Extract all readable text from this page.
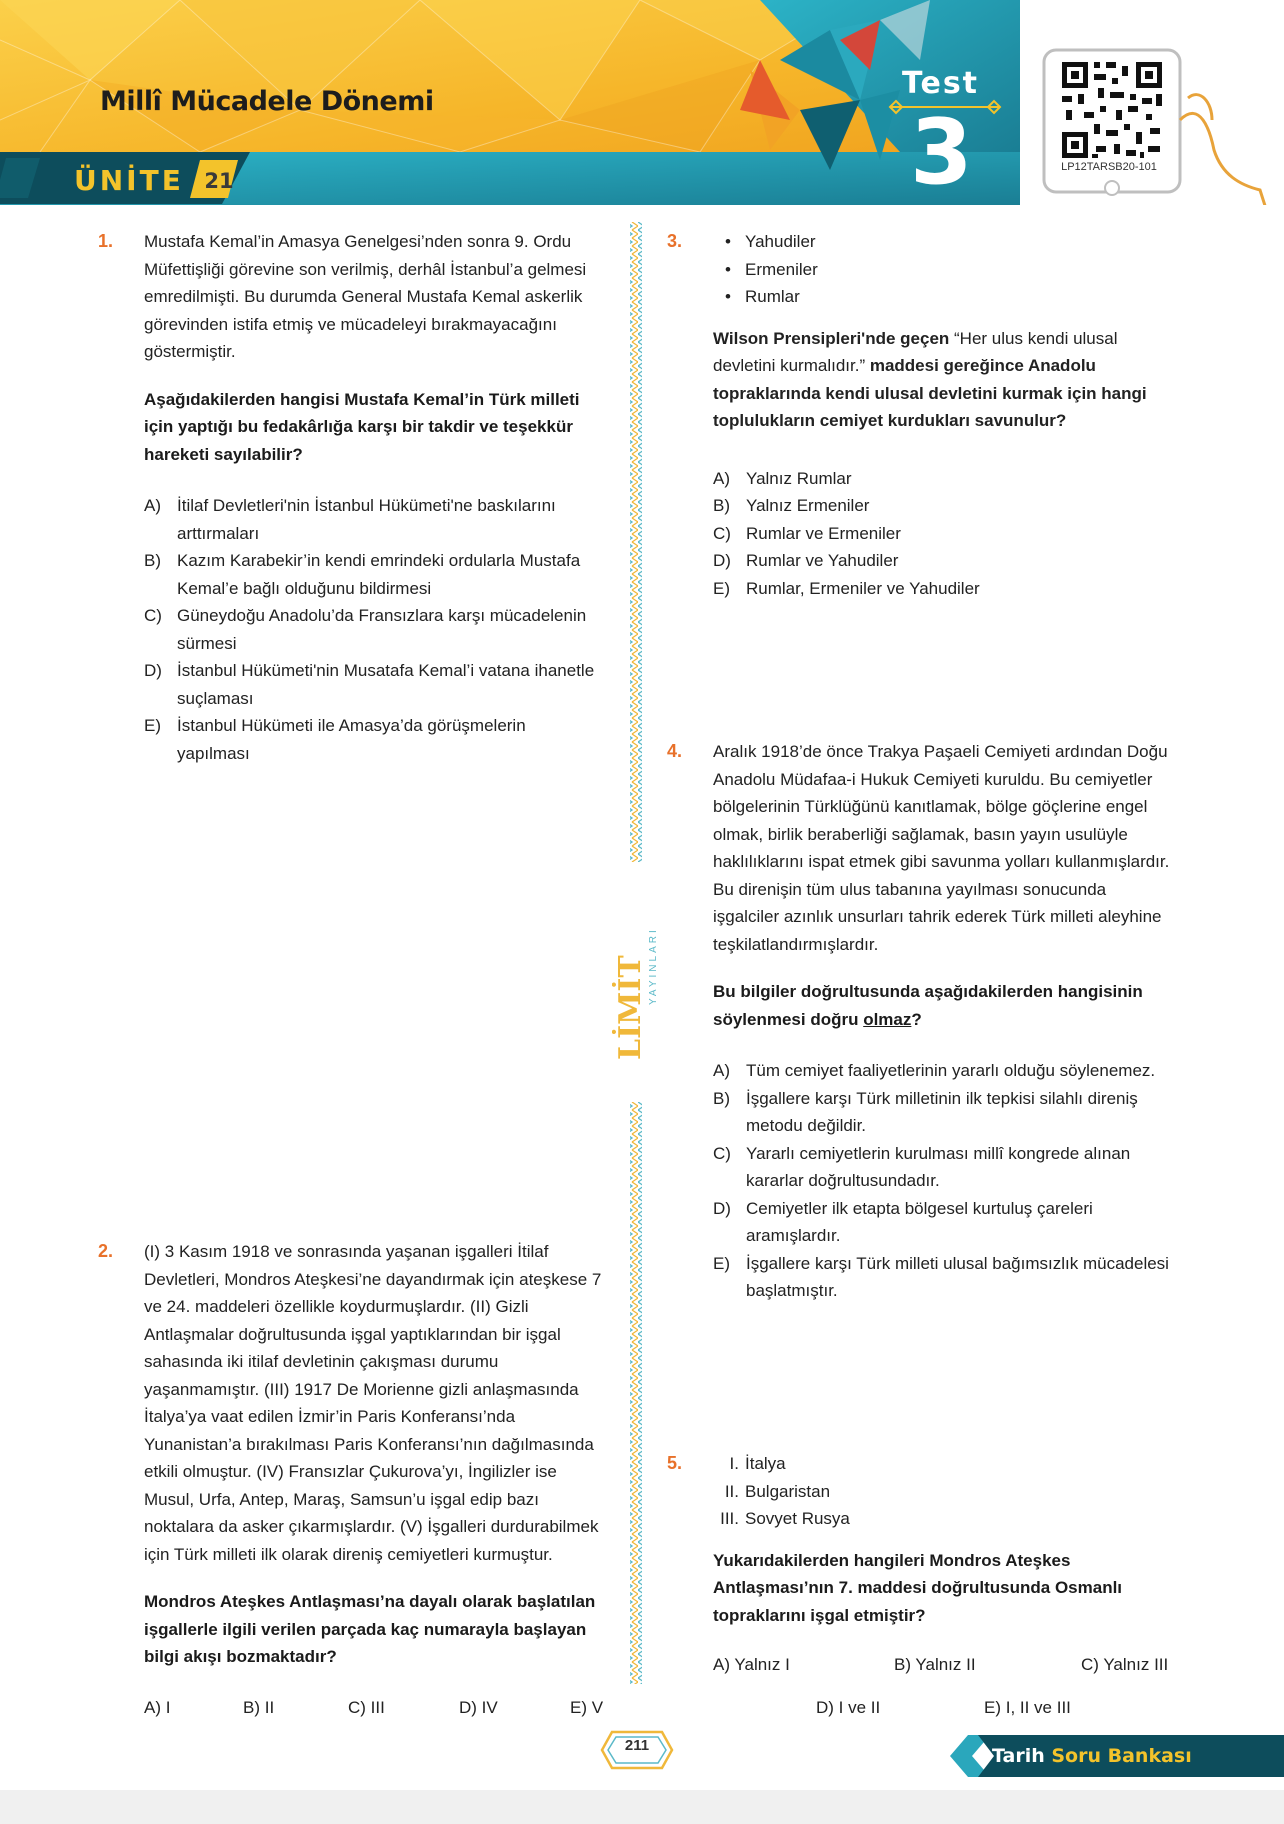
Millî Mücadele Dönemi
ÜNİTE 21
Test
3	LP12TARSB20-101
LİMİT YAYINLARI
1. Mustafa Kemal’in Amasya Genelgesi’nden sonra 9. Ordu Müfettişliği görevine son verilmiş, derhâl İstanbul’a gelmesi emredilmişti. Bu durumda General Mustafa Kemal askerlik görevinden istifa etmiş ve mücadeleyi bırakmayacağını göstermiştir.

Aşağıdakilerden hangisi Mustafa Kemal’in Türk milleti için yaptığı bu fedakârlığa karşı bir takdir ve teşekkür hareketi sayılabilir?

A) İtilaf Devletleri'nin İstanbul Hükümeti'ne baskılarını arttırmaları
B) Kazım Karabekir’in kendi emrindeki ordularla Mustafa Kemal’e bağlı olduğunu bildirmesi
C) Güneydoğu Anadolu’da Fransızlara karşı mücadelenin sürmesi
D) İstanbul Hükümeti'nin Musatafa Kemal’i vatana ihanetle suçlaması
E) İstanbul Hükümeti ile Amasya’da görüşmelerin yapılması
2. (I) 3 Kasım 1918 ve sonrasında yaşanan işgalleri İtilaf Devletleri, Mondros Ateşkesi’ne dayandırmak için ateşkese 7 ve 24. maddeleri özellikle koydurmuşlardır. (II) Gizli Antlaşmalar doğrultusunda işgal yaptıklarından bir işgal sahasında iki itilaf devletinin çakışması durumu yaşanmamıştır. (III) 1917 De Morienne gizli anlaşmasında İtalya’ya vaat edilen İzmir’in Paris Konferansı’nda Yunanistan’a bırakılması Paris Konferansı’nın dağılmasında etkili olmuştur. (IV) Fransızlar Çukurova’yı, İngilizler ise Musul, Urfa, Antep, Maraş, Samsun’u işgal edip bazı noktalara da asker çıkarmışlardır. (V) İşgalleri durdurabilmek için Türk milleti ilk olarak direniş cemiyetleri kurmuştur.

Mondros Ateşkes Antlaşması’na dayalı olarak başlatılan işgallerle ilgili verilen parçada kaç numarayla başlayan bilgi akışı bozmaktadır?

A) I	B) II	C) III	D) IV	E) V
3.
•	Yahudiler
• Ermeniler
• Rumlar

Wilson Prensipleri'nde geçen “Her ulus kendi ulusal devletini kurmalıdır.” maddesi gereğince Anadolu topraklarında kendi ulusal devletini kurmak için hangi toplulukların cemiyet kurdukları savunulur?

A) Yalnız Rumlar
B) Yalnız Ermeniler
C) Rumlar ve Ermeniler
D) Rumlar ve Yahudiler
E) Rumlar, Ermeniler ve Yahudiler
4. Aralık 1918’de önce Trakya Paşaeli Cemiyeti ardından Doğu Anadolu Müdafaa-i Hukuk Cemiyeti kuruldu. Bu cemiyetler bölgelerinin Türklüğünü kanıtlamak, bölge göçlerine engel olmak, birlik beraberliği sağlamak, basın yayın usulüyle haklılıklarını ispat etmek gibi savunma yolları kullanmışlardır. Bu direnişin tüm ulus tabanına yayılması sonucunda işgalciler azınlık unsurları tahrik ederek Türk milleti aleyhine teşkilatlandırmışlardır.

Bu bilgiler doğrultusunda aşağıdakilerden hangisinin söylenmesi doğru olmaz?

A) Tüm cemiyet faaliyetlerinin yararlı olduğu söylenemez.
B) İşgallere karşı Türk milletinin ilk tepkisi silahlı direniş metodu değildir.
C) Yararlı cemiyetlerin kurulması millî kongrede alınan kararlar doğrultusundadır.
D) Cemiyetler ilk etapta bölgesel kurtuluş çareleri aramışlardır.
E) İşgallere karşı Türk milleti ulusal bağımsızlık mücadelesi başlatmıştır.
5.	I. İtalya
II. Bulgaristan
III. Sovyet Rusya

Yukarıdakilerden hangileri Mondros Ateşkes Antlaşması’nın 7. maddesi doğrultusunda Osmanlı topraklarını işgal etmiştir?

A) Yalnız I	B) Yalnız II	C) Yalnız III
D) I ve II	E) I, II ve III
211	Tarih Soru Bankası
